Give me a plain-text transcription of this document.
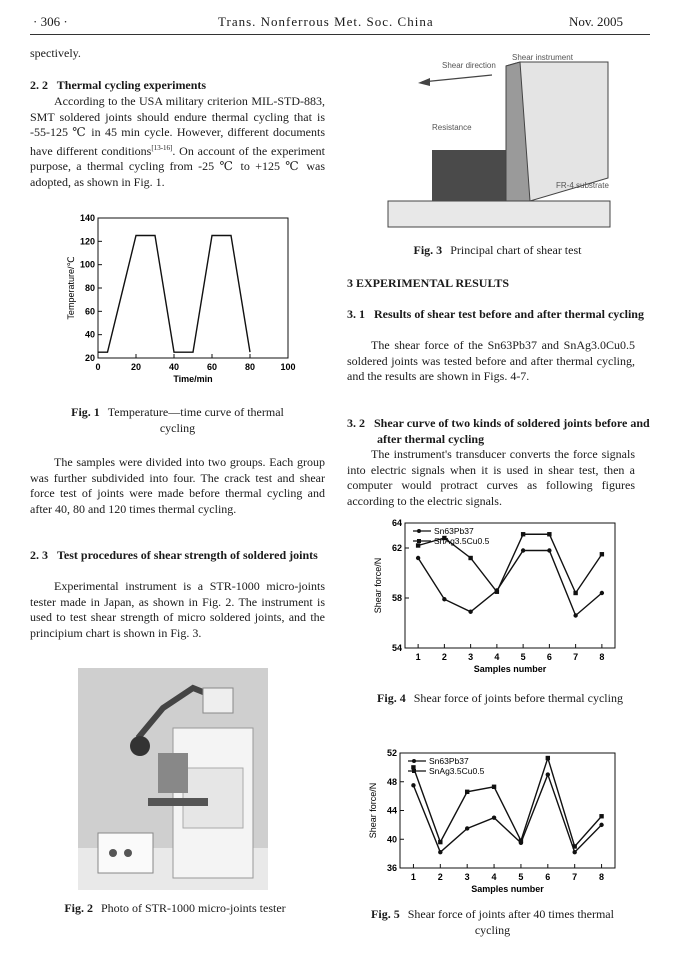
· 306 ·	Trans. Nonferrous Met. Soc. China	Nov. 2005
spectively.
2. 2 Thermal cycling experiments
According to the USA military criterion MIL-STD-883, SMT soldered joints should endure thermal cycling that is -55-125 ℃ in 45 min cycle. However, different documents have different conditions[13-16]. On account of the experiment purpose, a thermal cycling from -25 ℃ to +125 ℃ was adopted, as shown in Fig. 1.
0	20	40	60	80	100
20
40
60
80
100
120
140
Time/min
Temperature/℃
Fig. 1 Temperature—time curve of thermal cycling
The samples were divided into two groups. Each group was further subdivided into four. The crack test and shear force test of joints were made before thermal cycling and after 40, 80 and 120 times thermal cycling.
2. 3 Test procedures of shear strength of soldered joints
Experimental instrument is a STR-1000 micro-joints tester made in Japan, as shown in Fig. 2. The instrument is used to test shear strength of micro soldered joints, and the principium chart is shown in Fig. 3.
Fig. 2 Photo of STR-1000 micro-joints tester
Shear instrument
Shear direction
Resistance
FR-4 substrate
Fig. 3 Principal chart of shear test
3 EXPERIMENTAL RESULTS
3. 1 Results of shear test before and after thermal cycling
The shear force of the Sn63Pb37 and SnAg3.0Cu0.5 soldered joints was tested before and after thermal cycling, and the results are shown in Figs. 4-7.
3. 2 Shear curve of two kinds of soldered joints before and after thermal cycling
The instrument's transducer converts the force signals into electric signals when it is used in shear test, then a computer would protract curves as following figures according to the electric signals.
1 2 3 4 5 6 7 8
54
58
62
64
Samples number
Shear force/N
Sn63Pb37
SnAg3.5Cu0.5
Fig. 4 Shear force of joints before thermal cycling
1 2 3 4 5 6 7 8
36
40
44
48
52
Samples number
Shear force/N
Sn63Pb37
SnAg3.5Cu0.5
Fig. 5 Shear force of joints after 40 times thermal cycling
